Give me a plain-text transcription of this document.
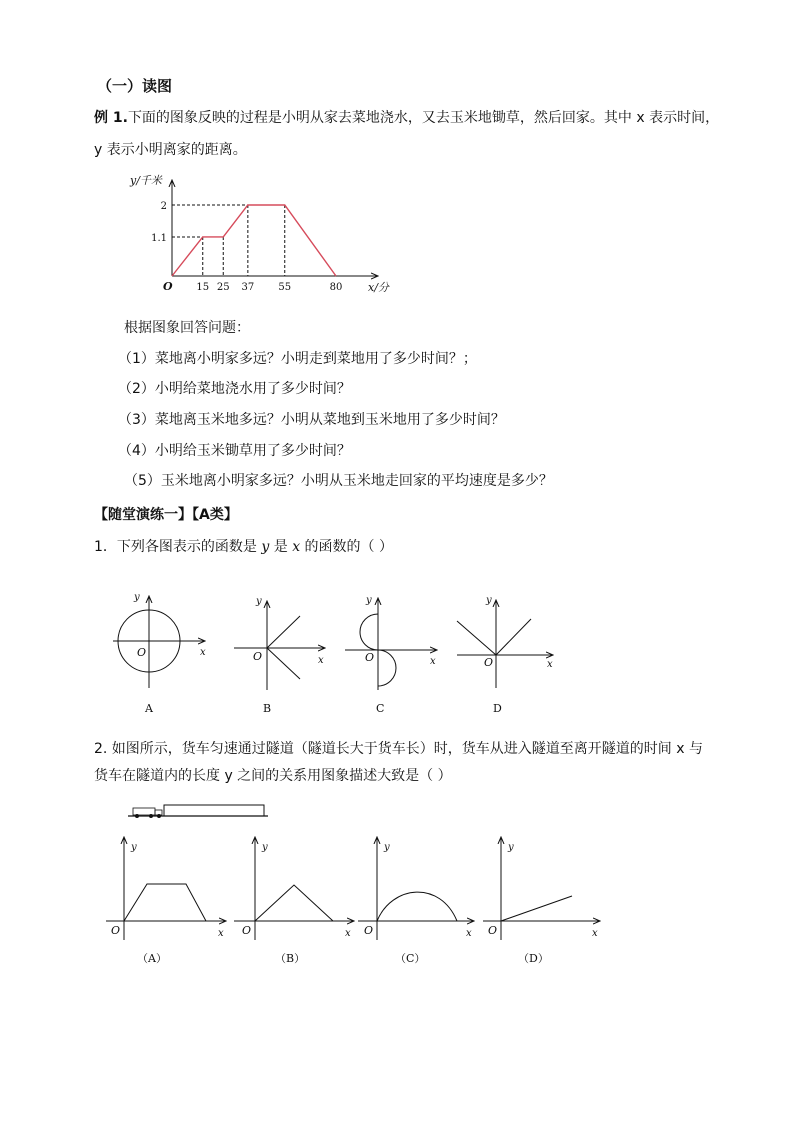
（一）读图
例 1.下面的图象反映的过程是小明从家去菜地浇水，又去玉米地锄草，然后回家。其中 x 表示时间，
y 表示小明离家的距离。
15 25 37 55	80
1.1
2
O	x/分
y/千米
根据图象回答问题：
（1）菜地离小明家多远？小明走到菜地用了多少时间？；
（2）小明给菜地浇水用了多少时间？
（3）菜地离玉米地多远？小明从菜地到玉米地用了多少时间？
（4）小明给玉米锄草用了多少时间？
（5）玉米地离小明家多远？小明从玉米地走回家的平均速度是多少？
【随堂演练一】【A类】
1．下列各图表示的函数是 y 是 x 的函数的（ ）
O	x
y
O	x
y
O	x
y
O	x
y
A	B	C	D
2. 如图所示，货车匀速通过隧道（隧道长大于货车长）时，货车从进入隧道至离开隧道的时间 x 与
货车在隧道内的长度 y 之间的关系用图象描述大致是（ ）
O	x
y
O	x
y
O	x
y
O	x
y
（A）	（B）	（C）	（D）
